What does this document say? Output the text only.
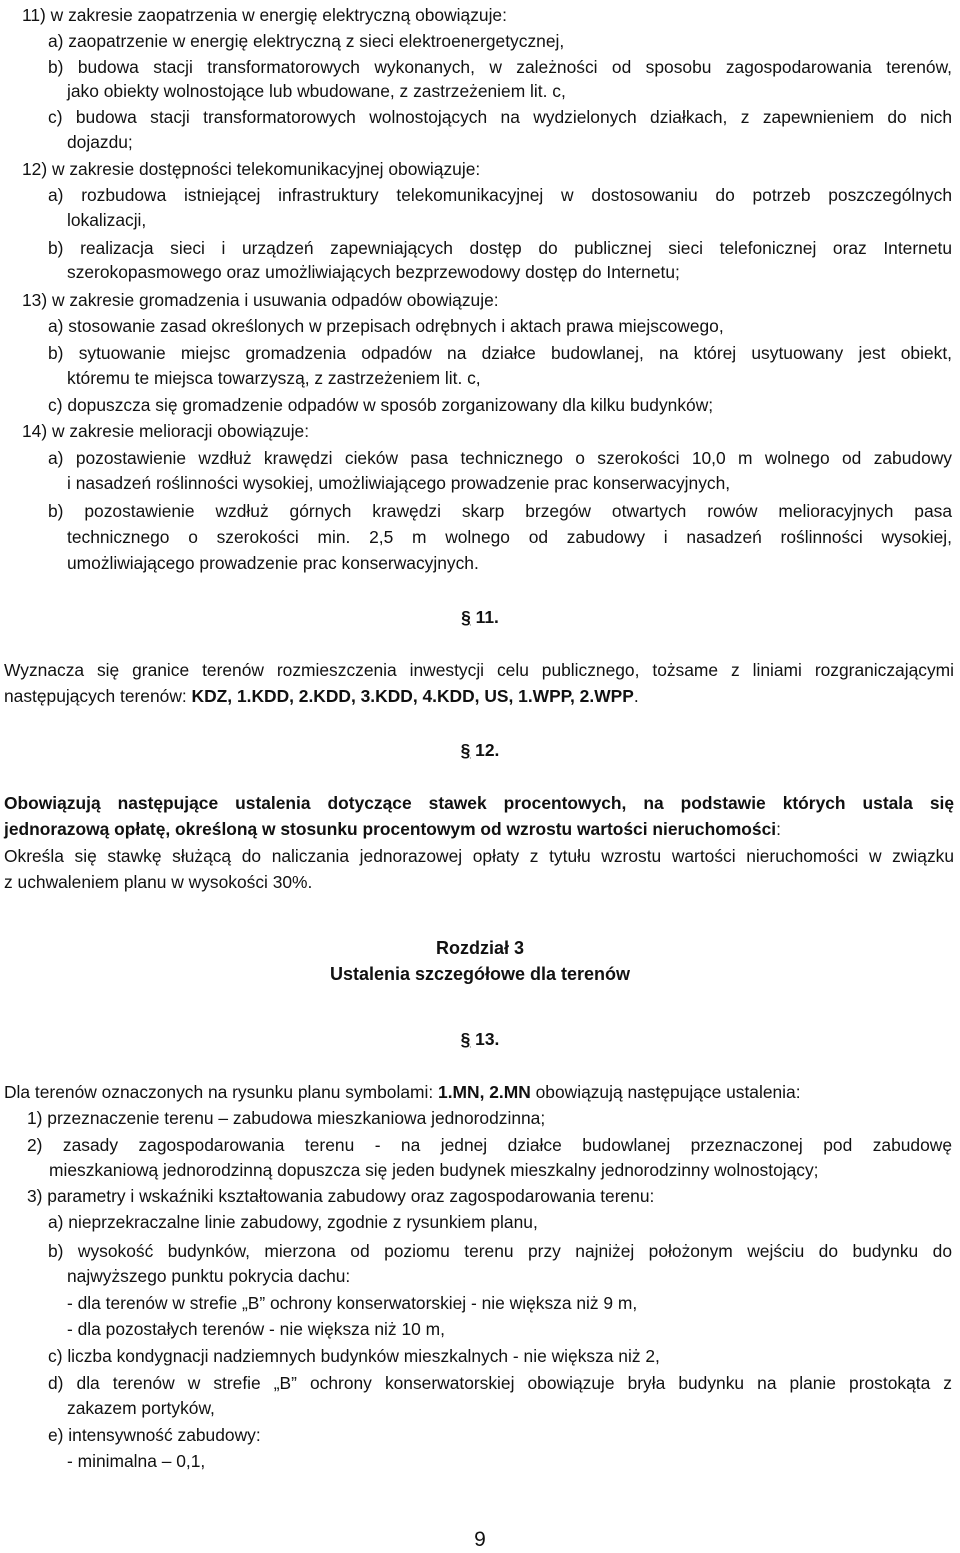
11) w zakresie zaopatrzenia w energię elektryczną obowiązuje:
a) zaopatrzenie w energię elektryczną z sieci elektroenergetycznej,
b) budowa stacji transformatorowych wykonanych, w zależności od sposobu zagospodarowania terenów,
jako obiekty wolnostojące lub wbudowane, z zastrzeżeniem lit. c,
c) budowa stacji transformatorowych wolnostojących na wydzielonych działkach, z zapewnieniem do nich
dojazdu;
12) w zakresie dostępności telekomunikacyjnej obowiązuje:
a) rozbudowa istniejącej infrastruktury telekomunikacyjnej w dostosowaniu do potrzeb poszczególnych
lokalizacji,
b) realizacja sieci i urządzeń zapewniających dostęp do publicznej sieci telefonicznej oraz Internetu
szerokopasmowego oraz umożliwiających bezprzewodowy dostęp do Internetu;
13) w zakresie gromadzenia i usuwania odpadów obowiązuje:
a) stosowanie zasad określonych w przepisach odrębnych i aktach prawa miejscowego,
b) sytuowanie miejsc gromadzenia odpadów na działce budowlanej, na której usytuowany jest obiekt,
któremu te miejsca towarzyszą, z zastrzeżeniem lit. c,
c) dopuszcza się gromadzenie odpadów w sposób zorganizowany dla kilku budynków;
14) w zakresie melioracji obowiązuje:
a) pozostawienie wzdłuż krawędzi cieków pasa technicznego o szerokości 10,0 m wolnego od zabudowy
i nasadzeń roślinności wysokiej, umożliwiającego prowadzenie prac konserwacyjnych,
b) pozostawienie wzdłuż górnych krawędzi skarp brzegów otwartych rowów melioracyjnych pasa
technicznego o szerokości min. 2,5 m wolnego od zabudowy i nasadzeń roślinności wysokiej,
umożliwiającego prowadzenie prac konserwacyjnych.
§ 11.
Wyznacza się granice terenów rozmieszczenia inwestycji celu publicznego, tożsame z liniami rozgraniczającymi
następujących terenów: KDZ, 1.KDD, 2.KDD, 3.KDD, 4.KDD, US, 1.WPP, 2.WPP.
§ 12.
Obowiązują następujące ustalenia dotyczące stawek procentowych, na podstawie których ustala się
jednorazową opłatę, określoną w stosunku procentowym od wzrostu wartości nieruchomości:
Określa się stawkę służącą do naliczania jednorazowej opłaty z tytułu wzrostu wartości nieruchomości w związku
z uchwaleniem planu w wysokości 30%.
Rozdział 3
Ustalenia szczegółowe dla terenów
§ 13.
Dla terenów oznaczonych na rysunku planu symbolami: 1.MN, 2.MN obowiązują następujące ustalenia:
1) przeznaczenie terenu – zabudowa mieszkaniowa jednorodzinna;
2) zasady zagospodarowania terenu - na jednej działce budowlanej przeznaczonej pod zabudowę
mieszkaniową jednorodzinną dopuszcza się jeden budynek mieszkalny jednorodzinny wolnostojący;
3) parametry i wskaźniki kształtowania zabudowy oraz zagospodarowania terenu:
a) nieprzekraczalne linie zabudowy, zgodnie z rysunkiem planu,
b) wysokość budynków, mierzona od poziomu terenu przy najniżej położonym wejściu do budynku do
najwyższego punktu pokrycia dachu:
- dla terenów w strefie „B” ochrony konserwatorskiej - nie większa niż 9 m,
- dla pozostałych terenów - nie większa niż 10 m,
c) liczba kondygnacji nadziemnych budynków mieszkalnych - nie większa niż 2,
d) dla terenów w strefie „B” ochrony konserwatorskiej obowiązuje bryła budynku na planie prostokąta z
zakazem portyków,
e) intensywność zabudowy:
- minimalna – 0,1,
9
